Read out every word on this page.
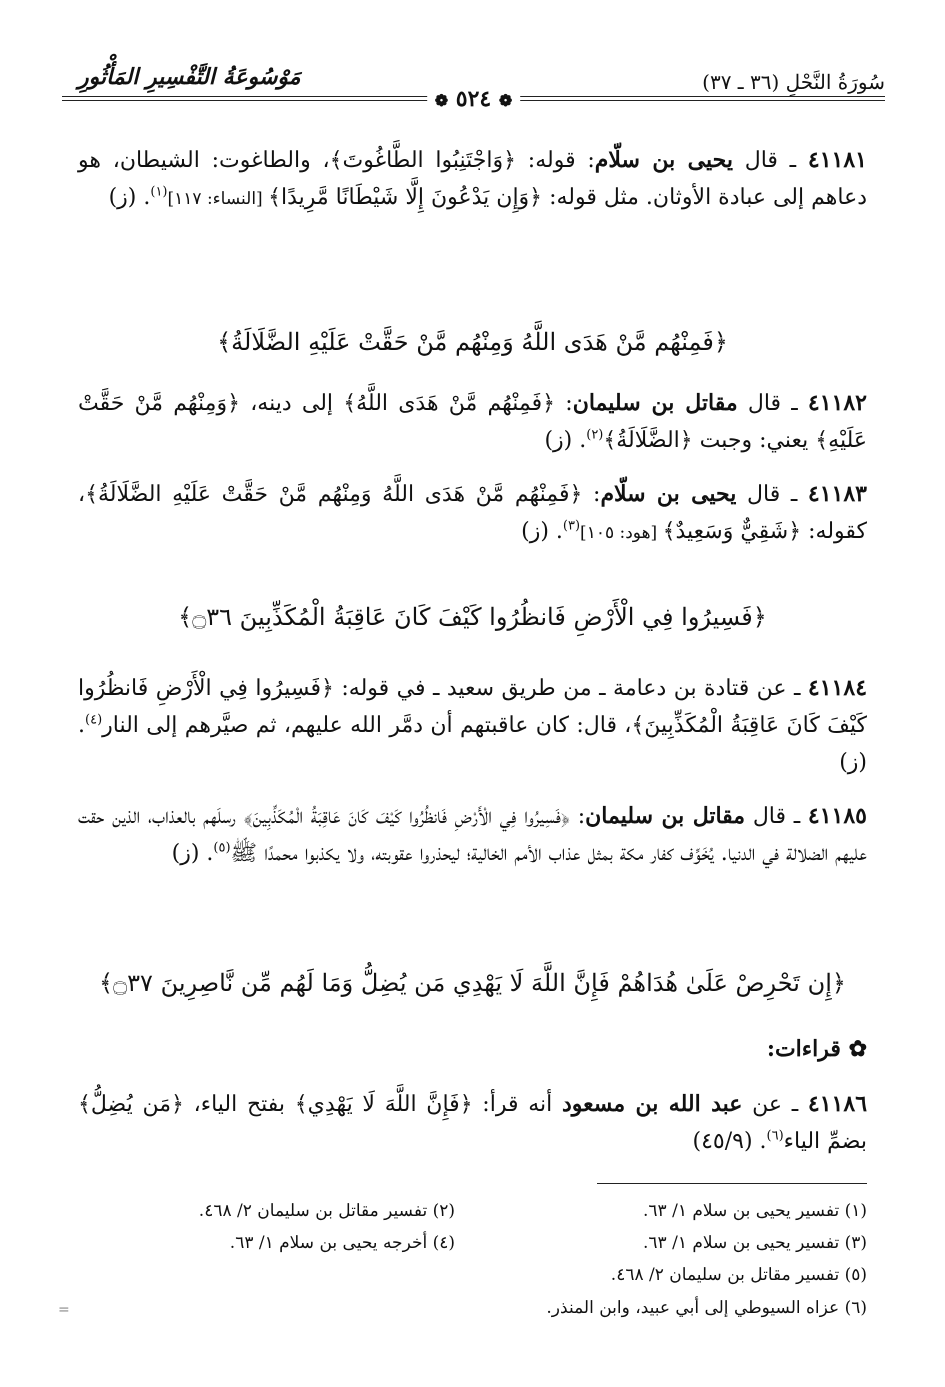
سُورَةُ النَّحْلِ (٣٦ ـ ٣٧)
مَوْسُوعَةُ التَّفْسِيرِ المَأْثُورِ
❁ ٥٢٤ ❁
٤١١٨١ ـ قال يحيى بن سلّام: قوله: ﴿وَاجْتَنِبُوا الطَّاغُوتَ﴾، والطاغوت: الشيطان، هو دعاهم إلى عبادة الأوثان. مثل قوله: ﴿وَإِن يَدْعُونَ إِلَّا شَيْطَانًا مَّرِيدًا﴾ [النساء: ١١٧]$^{(١)}$. (ز)
﴿فَمِنْهُم مَّنْ هَدَى اللَّهُ وَمِنْهُم مَّنْ حَقَّتْ عَلَيْهِ الضَّلَالَةُ﴾
٤١١٨٢ ـ قال مقاتل بن سليمان: ﴿فَمِنْهُم مَّنْ هَدَى اللَّهُ﴾ إلى دينه، ﴿وَمِنْهُم مَّنْ حَقَّتْ عَلَيْهِ﴾ يعني: وجبت ﴿الضَّلَالَةُ﴾$^{(٢)}$. (ز)
٤١١٨٣ ـ قال يحيى بن سلّام: ﴿فَمِنْهُم مَّنْ هَدَى اللَّهُ وَمِنْهُم مَّنْ حَقَّتْ عَلَيْهِ الضَّلَالَةُ﴾، كقوله: ﴿شَقِيٌّ وَسَعِيدٌ﴾ [هود: ١٠٥]$^{(٣)}$. (ز)
﴿فَسِيرُوا فِي الْأَرْضِ فَانظُرُوا كَيْفَ كَانَ عَاقِبَةُ الْمُكَذِّبِينَ ۝٣٦﴾
٤١١٨٤ ـ عن قتادة بن دعامة ـ من طريق سعيد ـ في قوله: ﴿فَسِيرُوا فِي الْأَرْضِ فَانظُرُوا كَيْفَ كَانَ عَاقِبَةُ الْمُكَذِّبِينَ﴾، قال: كان عاقبتهم أن دمَّر الله عليهم، ثم صيَّرهم إلى النار$^{(٤)}$. (ز)
٤١١٨٥ ـ قال مقاتل بن سليمان: ﴿فَسِيرُوا فِي الْأَرْضِ فَانظُرُوا كَيْفَ كَانَ عَاقِبَةُ الْمُكَذِّبِينَ﴾ رسلَهم بالعذاب، الذين حقت عليهم الضلالة في الدنيا. يُخَوِّف كفار مكة بمثل عذاب الأمم الخالية؛ ليحذروا عقوبته، ولا يكذبوا محمدًا ﷺ$^{(٥)}$. (ز)
﴿إِن تَحْرِصْ عَلَىٰ هُدَاهُمْ فَإِنَّ اللَّهَ لَا يَهْدِي مَن يُضِلُّ وَمَا لَهُم مِّن نَّاصِرِينَ ۝٣٧﴾
✿ قراءات:
٤١١٨٦ ـ عن عبد الله بن مسعود أنه قرأ: ﴿فَإِنَّ اللَّهَ لَا يَهْدِي﴾ بفتح الياء، ﴿مَن يُضِلُّ﴾ بضمِّ الياء$^{(٦)}$. (٤٥/٩)
(١) تفسير يحيى بن سلام ١/ ٦٣.
(٢) تفسير مقاتل بن سليمان ٢/ ٤٦٨.
(٣) تفسير يحيى بن سلام ١/ ٦٣.
(٤) أخرجه يحيى بن سلام ١/ ٦٣.
(٥) تفسير مقاتل بن سليمان ٢/ ٤٦٨.
(٦) عزاه السيوطي إلى أبي عبيد، وابن المنذر.
=
